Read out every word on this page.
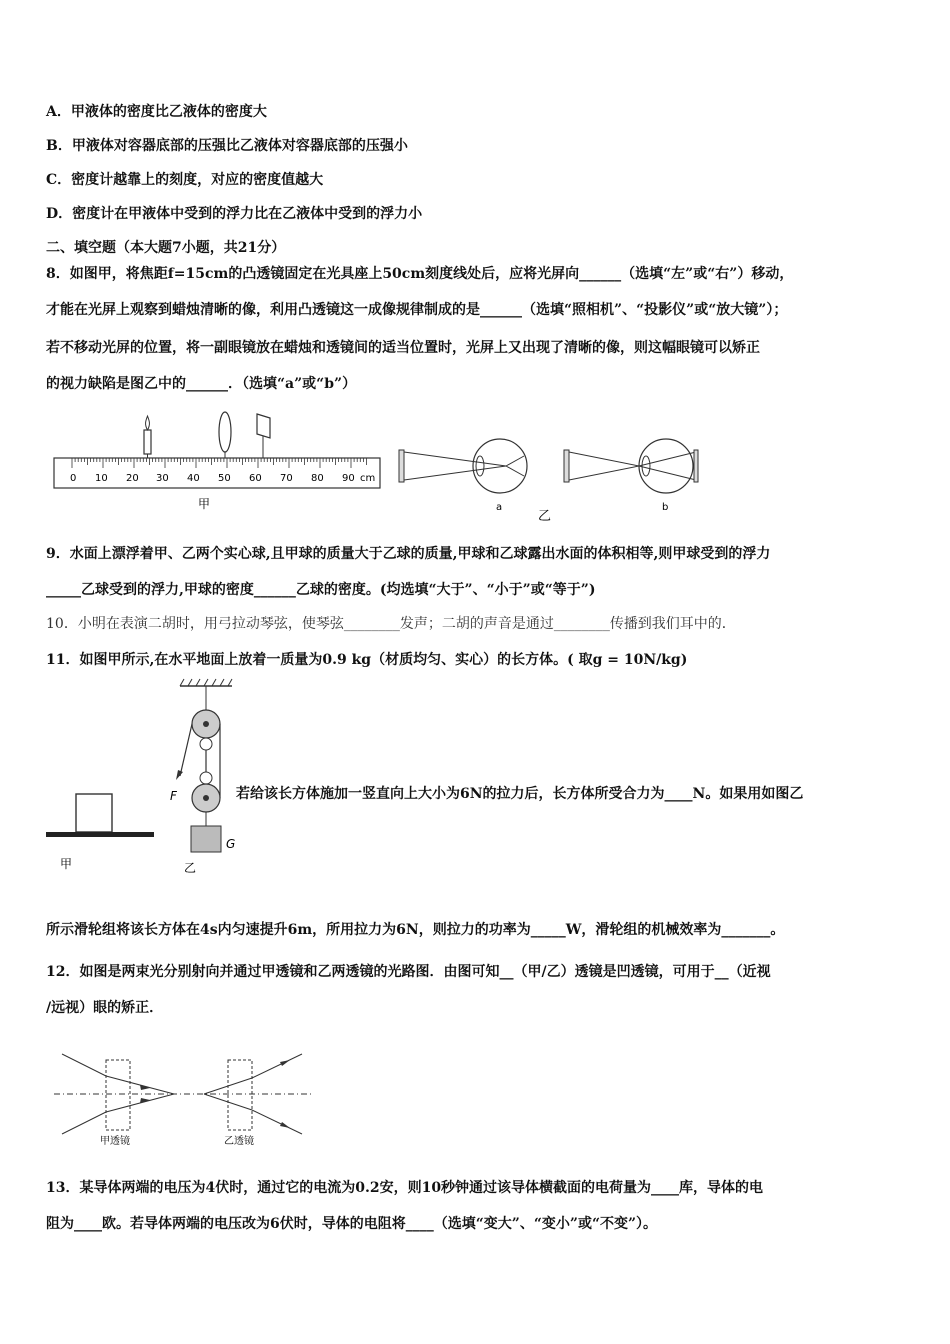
A．甲液体的密度比乙液体的密度大
B．甲液体对容器底部的压强比乙液体对容器底部的压强小
C．密度计越靠上的刻度，对应的密度值越大
D．密度计在甲液体中受到的浮力比在乙液体中受到的浮力小
二、填空题（本大题7小题，共21分）
8．如图甲，将焦距f=15cm的凸透镜固定在光具座上50cm刻度线处后，应将光屏向______（选填“左”或“右”）移动，
才能在光屏上观察到蜡烛清晰的像，利用凸透镜这一成像规律制成的是______（选填“照相机”、“投影仪”或“放大镜”）；
若不移动光屏的位置，将一副眼镜放在蜡烛和透镜间的适当位置时，光屏上又出现了清晰的像，则这幅眼镜可以矫正
的视力缺陷是图乙中的______．（选填“a”或“b”）
0 10 20 30 40 50 60 70 80 90 cm
甲	a
乙
b
9．水面上漂浮着甲、乙两个实心球,且甲球的质量大于乙球的质量,甲球和乙球露出水面的体积相等,则甲球受到的浮力
_____乙球受到的浮力,甲球的密度______乙球的密度。(均选填“大于”、“小于”或“等于”)
10．小明在表演二胡时，用弓拉动琴弦，使琴弦________发声；二胡的声音是通过________传播到我们耳中的．
11．如图甲所示,在水平地面上放着一质量为0.9 kg（材质均匀、实心）的长方体。( 取g = 10N/kg)
甲
F
G
乙
若给该长方体施加一竖直向上大小为6N的拉力后，长方体所受合力为____N。如果用如图乙
所示滑轮组将该长方体在4s内匀速提升6m，所用拉力为6N，则拉力的功率为_____W，滑轮组的机械效率为_______。
12．如图是两束光分别射向并通过甲透镜和乙两透镜的光路图．由图可知__（甲/乙）透镜是凹透镜，可用于__（近视
/远视）眼的矫正．
甲透镜	乙透镜
13．某导体两端的电压为4伏时，通过它的电流为0.2安，则10秒钟通过该导体横截面的电荷量为____库，导体的电
阻为____欧。若导体两端的电压改为6伏时，导体的电阻将____（选填“变大”、“变小”或“不变”）。
